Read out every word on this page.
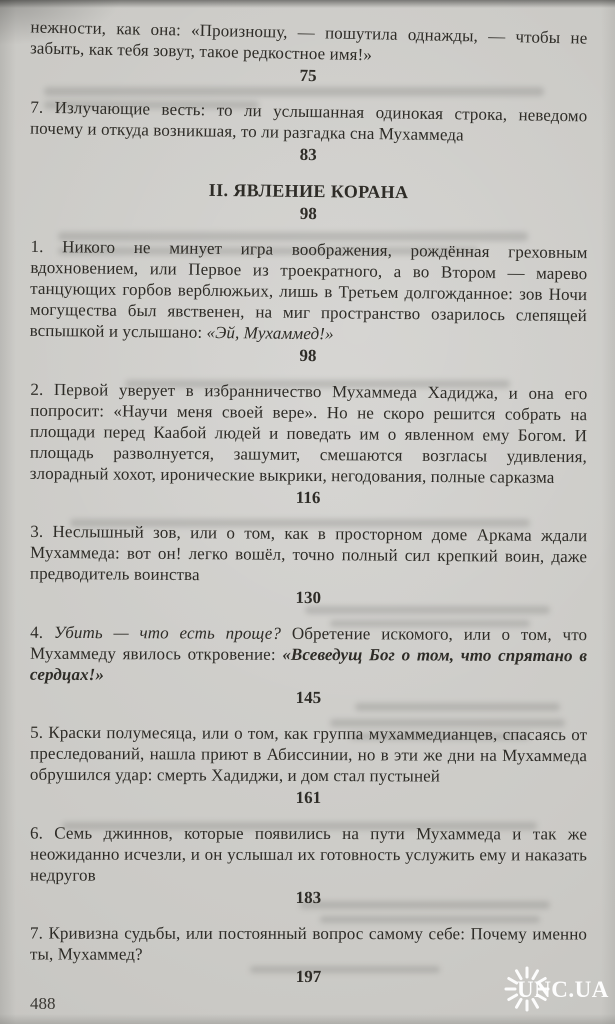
нежности, как она: «Произношу, — пошутила однажды, — чтобы не забыть, как тебя зовут, такое редкостное имя!»

75

7. Излучающие весть: то ли услышанная одинокая строка, неведомо почему и откуда возникшая, то ли разгадка сна Мухаммеда

83

II. ЯВЛЕНИЕ КОРАНА

98

1. Никого не минует игра воображения, рождённая греховным вдохновением, или Первое из троекратного, а во Втором — марево танцующих горбов верблюжьих, лишь в Третьем долгожданное: зов Ночи могущества был явственен, на миг пространство озарилось слепящей вспышкой и услышано: «Эй, Мухаммед!»

98

2. Первой уверует в избранничество Мухаммеда Хадиджа, и она его попросит: «Научи меня своей вере». Но не скоро решится собрать на площади перед Каабой людей и поведать им о явленном ему Богом. И площадь разволнуется, зашумит, смешаются возгласы удивления, злорадный хохот, иронические выкрики, негодования, полные сарказма

116

3. Неслышный зов, или о том, как в просторном доме Аркама ждали Мухаммеда: вот он! легко вошёл, точно полный сил крепкий воин, даже предводитель воинства

130

4. Убить — что есть проще? Обретение искомого, или о том, что Мухаммеду явилось откровение: «Всеведущ Бог о том, что спрятано в сердцах!»

145

5. Краски полумесяца, или о том, как группа мухаммедианцев, спасаясь от преследований, нашла приют в Абиссинии, но в эти же дни на Мухаммеда обрушился удар: смерть Хадиджи, и дом стал пустыней

161

6. Семь джиннов, которые появились на пути Мухаммеда и так же неожиданно исчезли, и он услышал их готовность услужить ему и наказать недругов

183

7. Кривизна судьбы, или постоянный вопрос самому себе: Почему именно ты, Мухаммед?

197

488
UNC.UA
